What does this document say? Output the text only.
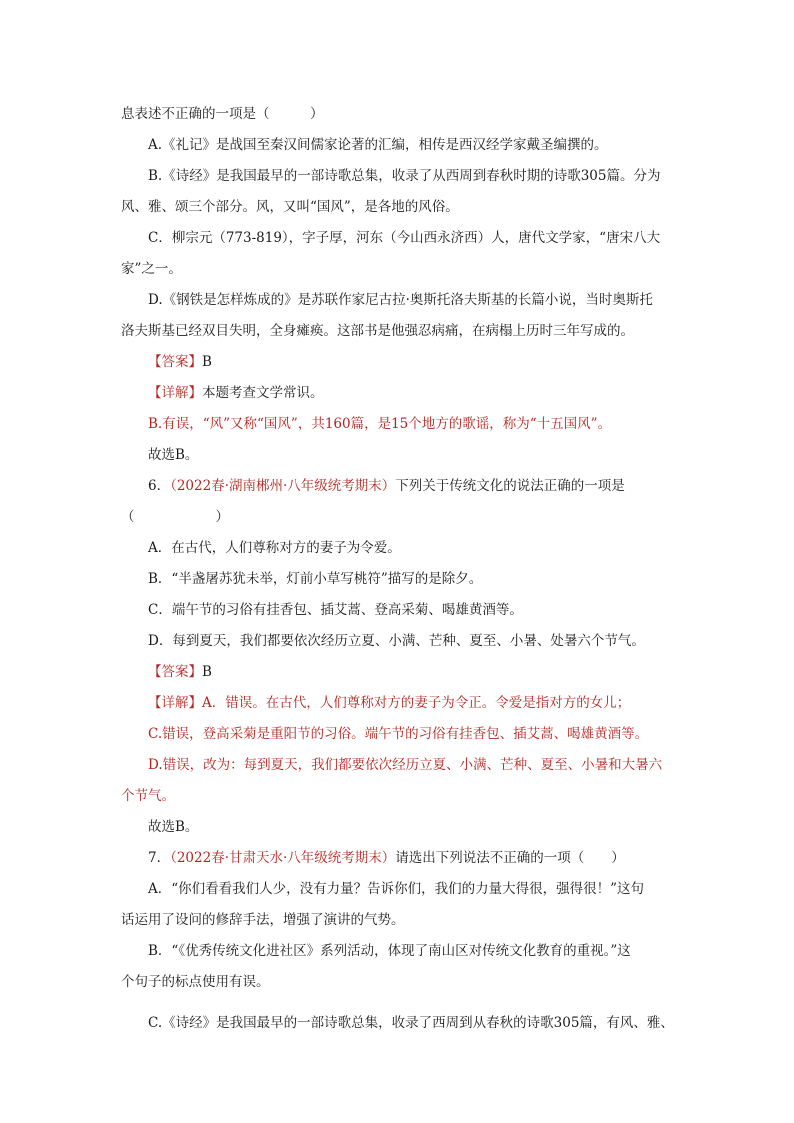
息表述不正确的一项是（　　　）
A.《礼记》是战国至秦汉间儒家论著的汇编，相传是西汉经学家戴圣编撰的。
B.《诗经》是我国最早的一部诗歌总集，收录了从西周到春秋时期的诗歌305篇。分为
风、雅、颂三个部分。风，又叫“国风”，是各地的风俗。
C．柳宗元（773-819），字子厚，河东（今山西永济西）人，唐代文学家，“唐宋八大
家”之一。
D.《钢铁是怎样炼成的》是苏联作家尼古拉·奥斯托洛夫斯基的长篇小说，当时奥斯托
洛夫斯基已经双目失明，全身瘫痪。这部书是他强忍病痛，在病榻上历时三年写成的。
【答案】B
【详解】本题考查文学常识。
B.有误，“风”又称“国风”，共160篇，是15个地方的歌谣，称为“十五国风”。
故选B。
6．（2022春·湖南郴州·八年级统考期末）下列关于传统文化的说法正确的一项是
（　　　　　　）
A．在古代，人们尊称对方的妻子为令爱。
B．“半盏屠苏犹未举，灯前小草写桃符”描写的是除夕。
C．端午节的习俗有挂香包、插艾蒿、登高采菊、喝雄黄酒等。
D．每到夏天，我们都要依次经历立夏、小满、芒种、夏至、小暑、处暑六个节气。
【答案】B
【详解】A．错误。在古代，人们尊称对方的妻子为令正。令爱是指对方的女儿；
C.错误，登高采菊是重阳节的习俗。端午节的习俗有挂香包、插艾蒿、喝雄黄酒等。
D.错误，改为：每到夏天，我们都要依次经历立夏、小满、芒种、夏至、小暑和大暑六
个节气。
故选B。
7．（2022春·甘肃天水·八年级统考期末）请选出下列说法不正确的一项（　　）
A．“你们看看我们人少，没有力量？告诉你们，我们的力量大得很，强得很！”这句
话运用了设问的修辞手法，增强了演讲的气势。
B．“《优秀传统文化进社区》系列活动，体现了南山区对传统文化教育的重视。”这
个句子的标点使用有误。
C.《诗经》是我国最早的一部诗歌总集，收录了西周到从春秋的诗歌305篇，有风、雅、
